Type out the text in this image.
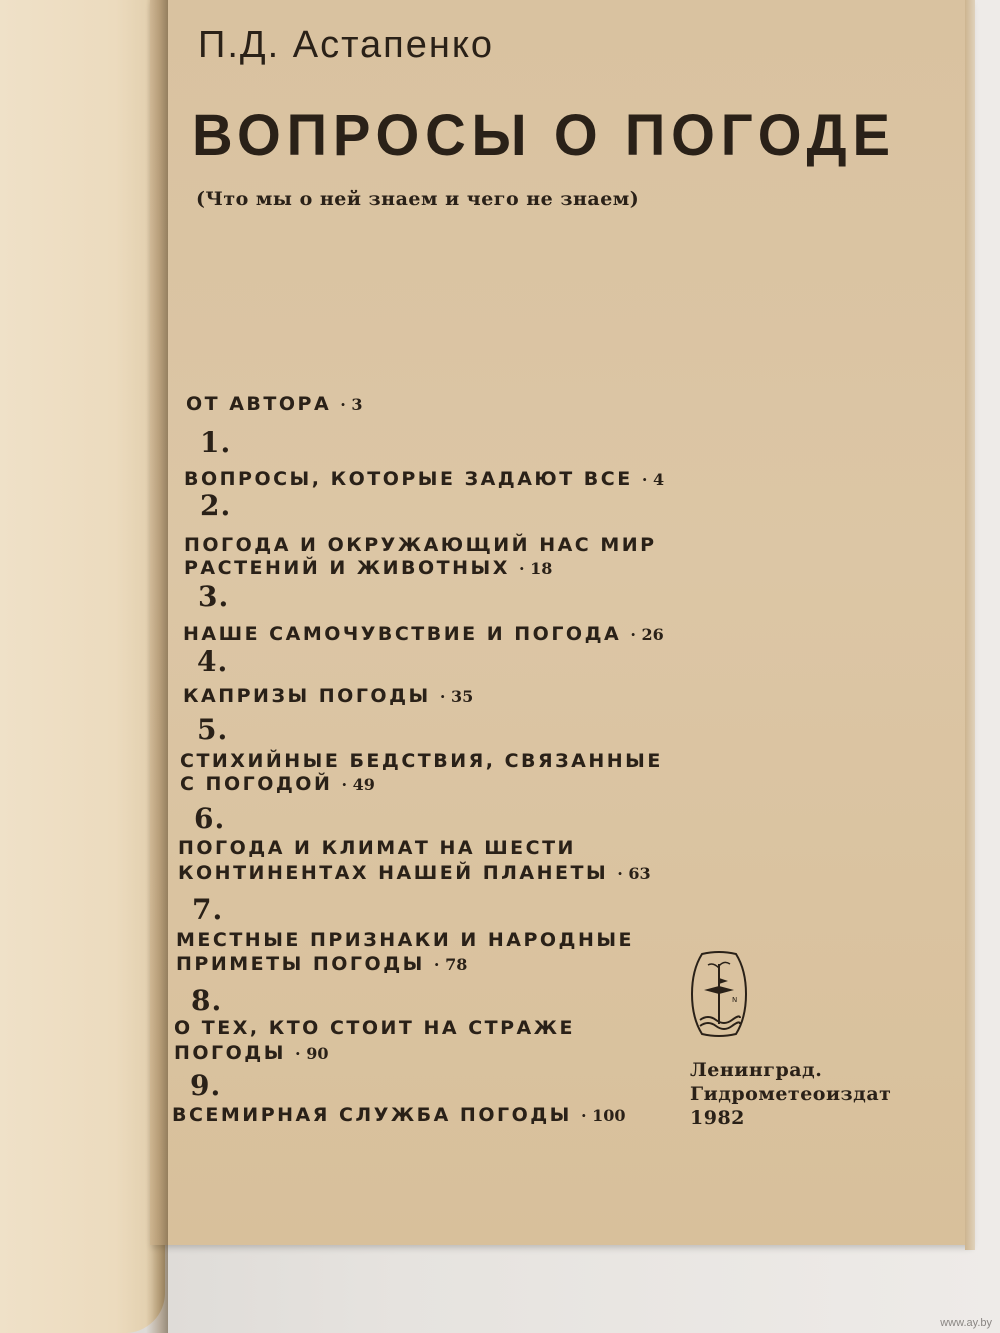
П.Д. Астапенко

ВОПРОСЫ О ПОГОДЕ

(Что мы о ней знаем и чего не знаем)

ОТ АВТОРА · 3

1.

ВОПРОСЫ, КОТОРЫЕ ЗАДАЮТ ВСЕ · 4

2.

ПОГОДА И ОКРУЖАЮЩИЙ НАС МИР

РАСТЕНИЙ И ЖИВОТНЫХ · 18

3.

НАШЕ САМОЧУВСТВИЕ И ПОГОДА · 26

4.

КАПРИЗЫ ПОГОДЫ · 35

5.

СТИХИЙНЫЕ БЕДСТВИЯ, СВЯЗАННЫЕ

С ПОГОДОЙ · 49

6.

ПОГОДА И КЛИМАТ НА ШЕСТИ

КОНТИНЕНТАХ НАШЕЙ ПЛАНЕТЫ · 63

7.

МЕСТНЫЕ ПРИЗНАКИ И НАРОДНЫЕ

ПРИМЕТЫ ПОГОДЫ · 78

8.

О ТЕХ, КТО СТОИТ НА СТРАЖЕ

ПОГОДЫ · 90

9.

ВСЕМИРНАЯ СЛУЖБА ПОГОДЫ · 100

N

Ленинград.

Гидрометеоиздат

1982

www.ay.by
